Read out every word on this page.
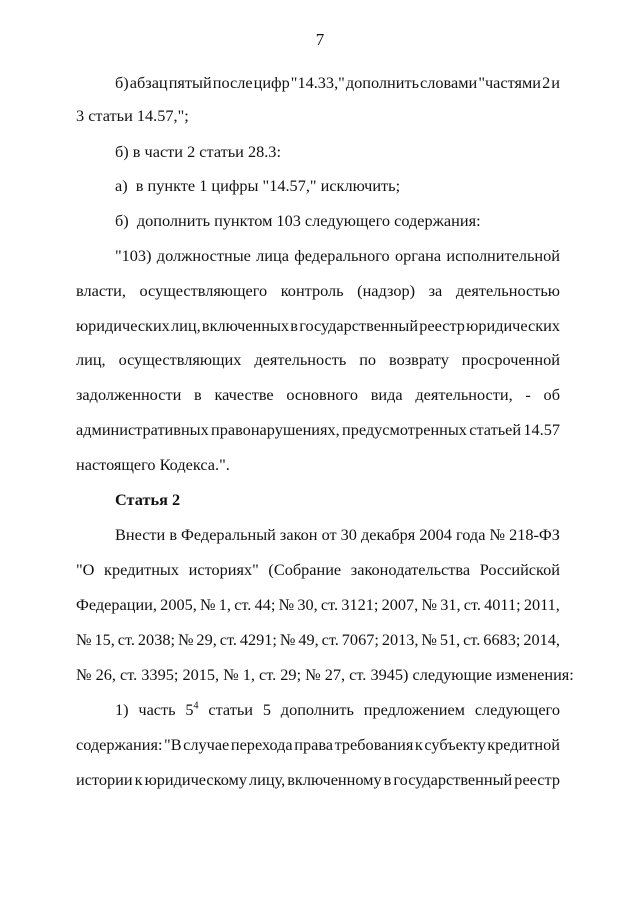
7
б) абзац пятый после цифр "14.33," дополнить словами "частями 2 и
3 статьи 14.57,";
б) в части 2 статьи 28.3:
а)  в пункте 1 цифры "14.57," исключить;
б)  дополнить пунктом 103 следующего содержания:
"103) должностные лица федерального органа исполнительной
власти, осуществляющего контроль (надзор) за деятельностью
юридических лиц, включенных в государственный реестр юридических
лиц, осуществляющих деятельность по возврату просроченной
задолженности в качестве основного вида деятельности, - об
административных правонарушениях, предусмотренных статьей 14.57
настоящего Кодекса.".
Статья 2
Внести в Федеральный закон от 30 декабря 2004 года № 218-ФЗ
"О кредитных историях" (Собрание законодательства Российской
Федерации, 2005, № 1, ст. 44; № 30, ст. 3121; 2007, № 31, ст. 4011; 2011,
№ 15, ст. 2038; № 29, ст. 4291; № 49, ст. 7067; 2013, № 51, ст. 6683; 2014,
№ 26, ст. 3395; 2015, № 1, ст. 29; № 27, ст. 3945) следующие изменения:
1) часть $5^4$ статьи 5 дополнить предложением следующего
содержания: "В случае перехода права требования к субъекту кредитной
истории к юридическому лицу, включенному в государственный реестр
